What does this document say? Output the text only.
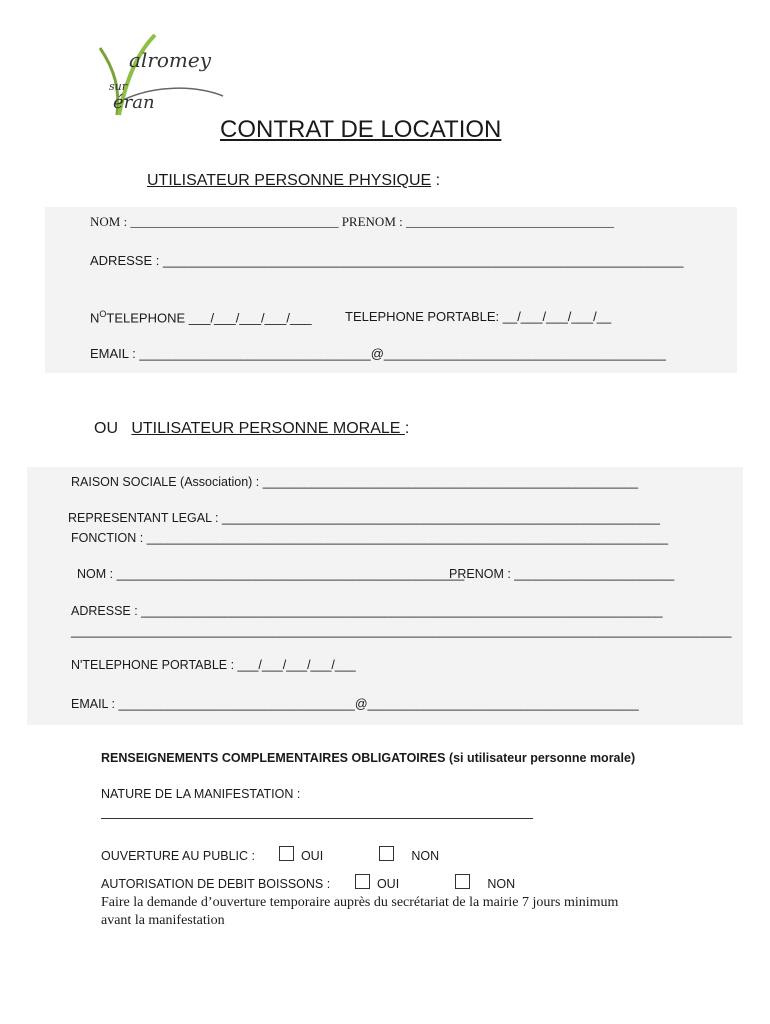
alromey
sur
éran
CONTRAT DE LOCATION
UTILISATEUR PERSONNE PHYSIQUE :
NOM : ________________________________ PRENOM : ________________________________
ADRESSE : ________________________________________________________________________
$N^OTELEPHONE$ ___/___/___/___/___	TELEPHONE PORTABLE: __/___/___/___/__
EMAIL : ________________________________@_______________________________________
OU UTILISATEUR PERSONNE MORALE :
RAISON SOCIALE (Association) : ______________________________________________________
REPRESENTANT LEGAL : _______________________________________________________________
FONCTION : ___________________________________________________________________________
NOM : __________________________________________________
PRENOM : _______________________
ADRESSE : ___________________________________________________________________________
_______________________________________________________________________________________________
N'TELEPHONE PORTABLE : ___/___/___/___/___
EMAIL : __________________________________@_______________________________________
RENSEIGNEMENTS COMPLEMENTAIRES OBLIGATOIRES (si utilisateur personne morale)
NATURE DE LA MANIFESTATION :
OUVERTURE AU PUBLIC :	OUI	NON
AUTORISATION DE DEBIT BOISSONS :	OUI	NON
Faire la demande d’ouverture temporaire auprès du secrétariat de la mairie 7 jours minimum
avant la manifestation
